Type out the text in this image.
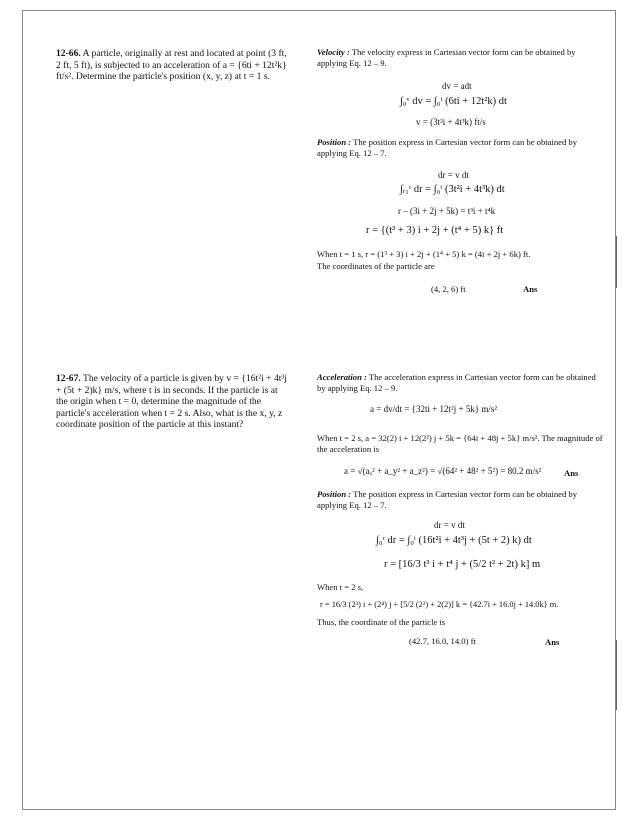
12-66. A particle, originally at rest and located at point (3 ft, 2 ft, 5 ft), is subjected to an acceleration of a = {6ti + 12t²k} ft/s². Determine the particle's position (x, y, z) at t = 1 s.
Velocity : The velocity express in Cartesian vector form can be obtained by applying Eq. 12 – 9.
dv = adt
∫₀ᵛ dv = ∫₀ᵗ (6ti + 12t²k) dt
v = (3t²i + 4t³k) ft/s
Position : The position express in Cartesian vector form can be obtained by applying Eq. 12 – 7.
dr = v dt
∫ᵣ₁ʳ dr = ∫₀ᵗ (3t²i + 4t³k) dt
r – (3i + 2j + 5k) = t³i + t⁴k
r = {(t³ + 3) i + 2j + (t⁴ + 5) k} ft
When t = 1 s, r = (1³ + 3) i + 2j + (1⁴ + 5) k = (4i + 2j + 6k) ft.
The coordinates of the particle are
(4, 2, 6) ft	Ans
12-67. The velocity of a particle is given by v = {16t²i + 4t³j + (5t + 2)k} m/s, where t is in seconds. If the particle is at the origin when t = 0, determine the magnitude of the particle's acceleration when t = 2 s. Also, what is the x, y, z coordinate position of the particle at this instant?
Acceleration : The acceleration express in Cartesian vector form can be obtained by applying Eq. 12 – 9.
a = dv/dt = {32ti + 12t²j + 5k} m/s²
When t = 2 s, a = 32(2) i + 12(2²) j + 5k = {64i + 48j + 5k} m/s². The magnitude of the acceleration is
a = √(aₓ² + a_y² + a_z²) = √(64² + 48² + 5²) = 80.2 m/s²	Ans
Position : The position express in Cartesian vector form can be obtained by applying Eq. 12 – 7.
dr = v dt
∫₀ʳ dr = ∫₀ᵗ (16t²i + 4t³j + (5t + 2) k) dt
r = [16/3 t³ i + t⁴ j + (5/2 t² + 2t) k] m
When t = 2 s,
r = 16/3 (2³) i + (2⁴) j + [5/2 (2²) + 2(2)] k = {42.7i + 16.0j + 14.0k} m.
Thus, the coordinate of the particle is
(42.7, 16.0, 14.0) ft	Ans
